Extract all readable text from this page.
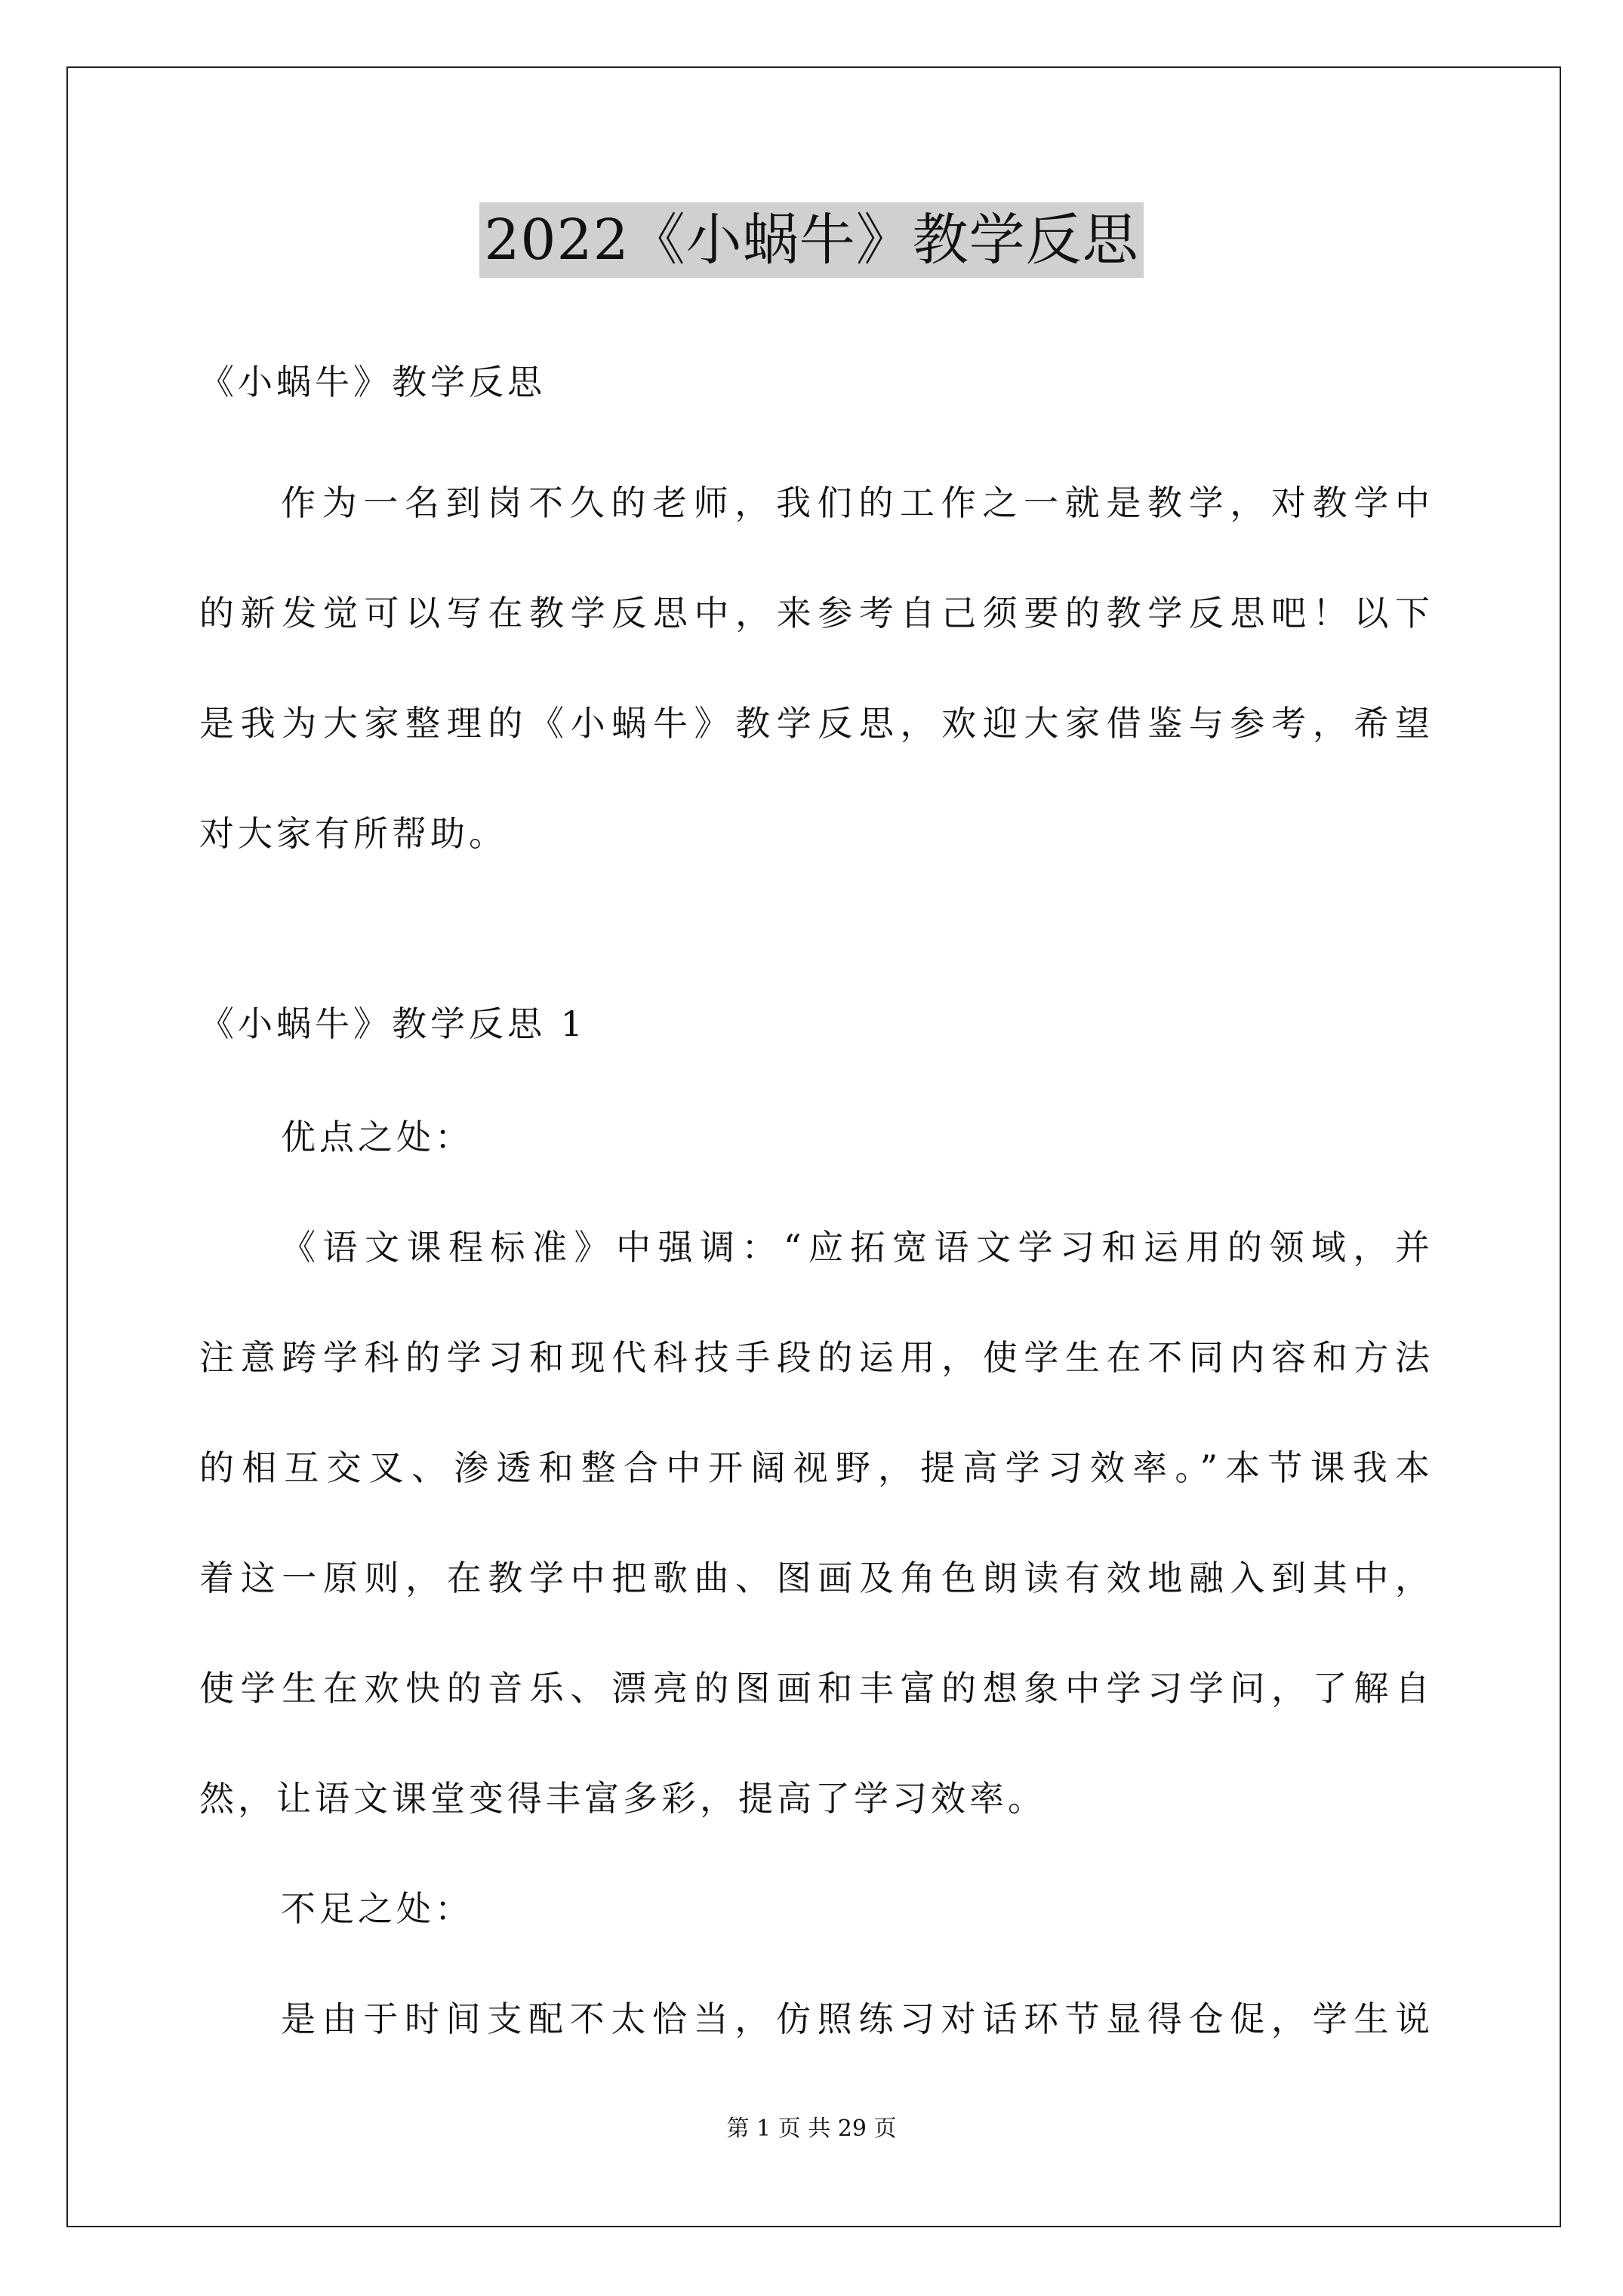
2022《小蜗牛》教学反思
《小蜗牛》教学反思
作为一名到岗不久的老师，我们的工作之一就是教学，对教学中
的新发觉可以写在教学反思中，来参考自己须要的教学反思吧！以下
是我为大家整理的《小蜗牛》教学反思，欢迎大家借鉴与参考，希望
对大家有所帮助。
《小蜗牛》教学反思 1
优点之处：
《语文课程标准》中强调：“应拓宽语文学习和运用的领域，并
注意跨学科的学习和现代科技手段的运用，使学生在不同内容和方法
的相互交叉、渗透和整合中开阔视野，提高学习效率。”本节课我本
着这一原则，在教学中把歌曲、图画及角色朗读有效地融入到其中，
使学生在欢快的音乐、漂亮的图画和丰富的想象中学习学问，了解自
然，让语文课堂变得丰富多彩，提高了学习效率。
不足之处：
是由于时间支配不太恰当，仿照练习对话环节显得仓促，学生说
第 1 页 共 29 页
